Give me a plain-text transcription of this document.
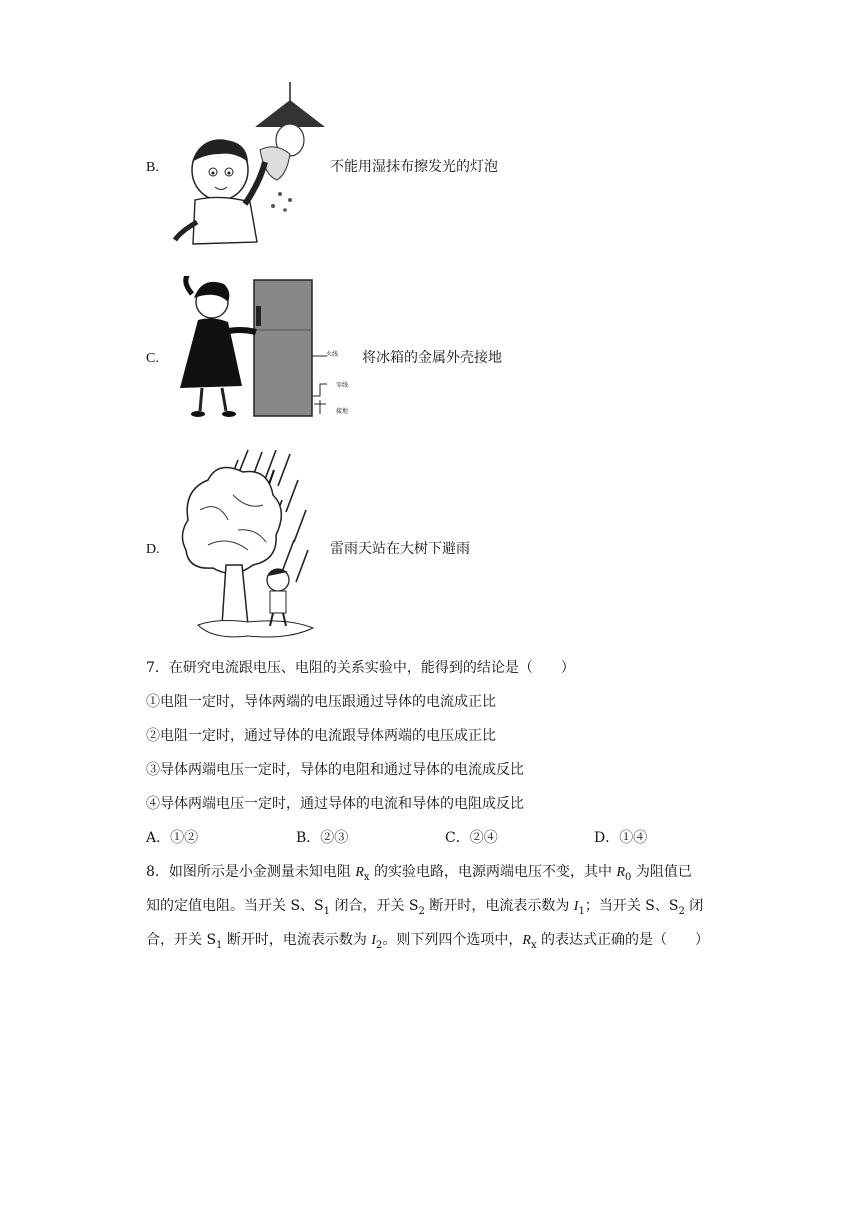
B.	不能用湿抹布擦发光的灯泡
C.	火线
零线
接地
将冰箱的金属外壳接地
D.	雷雨天站在大树下避雨
7．在研究电流跟电压、电阻的关系实验中，能得到的结论是（　　）
①电阻一定时，导体两端的电压跟通过导体的电流成正比
②电阻一定时，通过导体的电流跟导体两端的电压成正比
③导体两端电压一定时，导体的电阻和通过导体的电流成反比
④导体两端电压一定时，通过导体的电流和导体的电阻成反比
A．①②	B．②③	C．②④	D．①④
8．如图所示是小金测量未知电阻 $R_x$ 的实验电路，电源两端电压不变，其中 $R_0$ 为阻值已
知的定值电阻。当开关 S、$S_1$ 闭合，开关 $S_2$ 断开时，电流表示数为 $I_1$；当开关 S、$S_2$ 闭
合，开关 $S_1$ 断开时，电流表示数为 $I_2$。则下列四个选项中，$R_x$ 的表达式正确的是（　　）
